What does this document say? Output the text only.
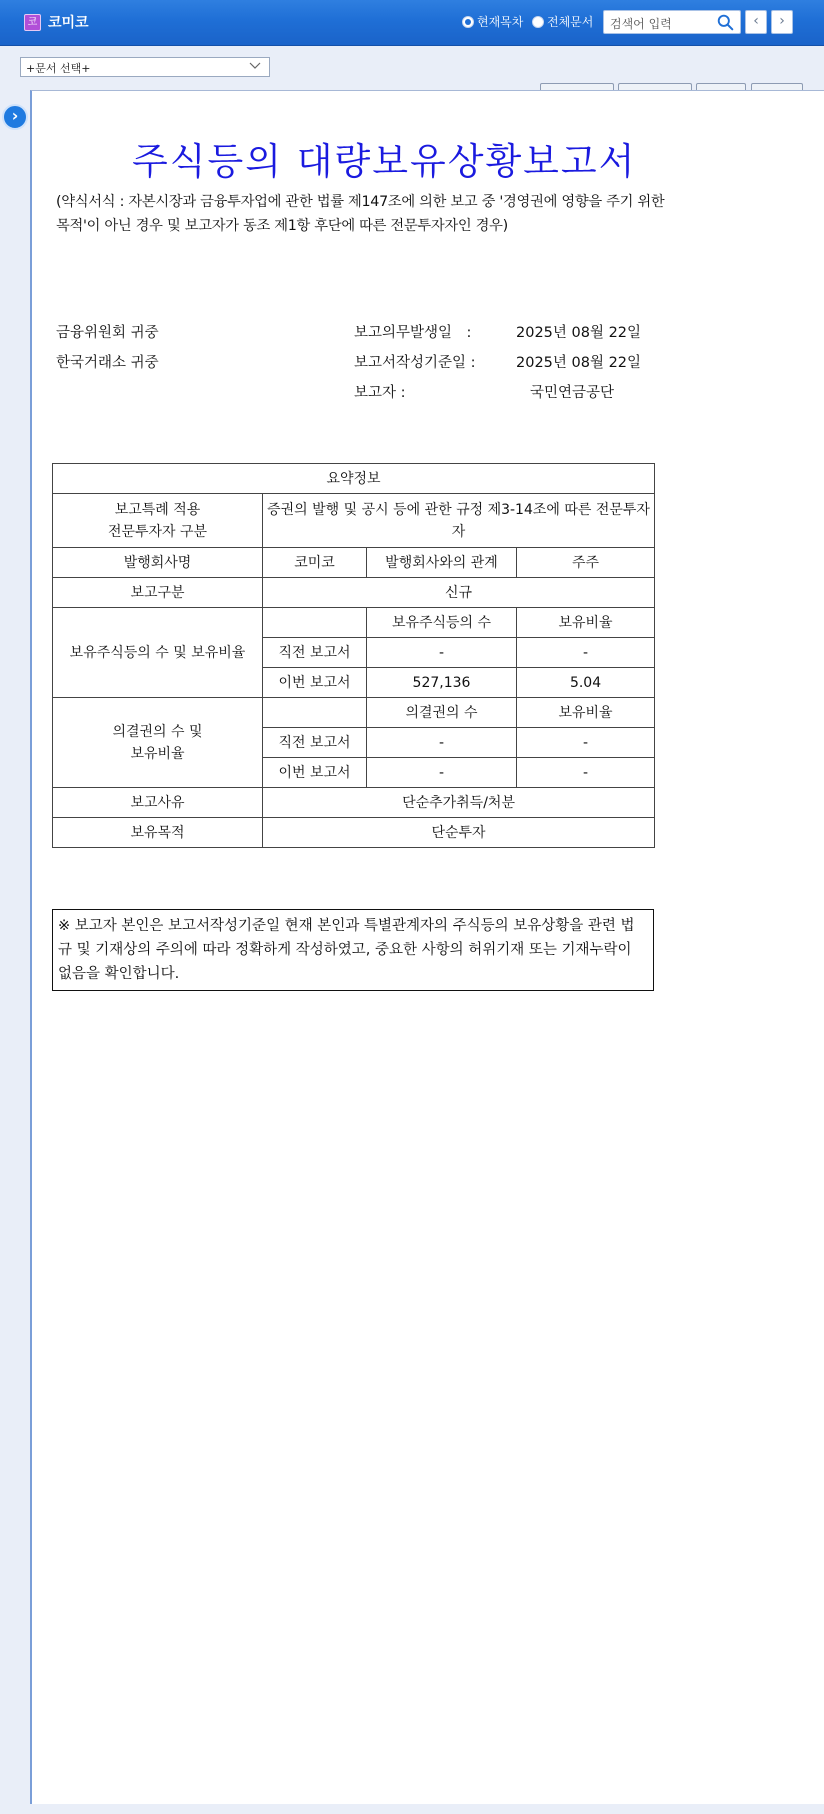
코 코미코	현재목차 전체문서	검색어 입력	‹	›
+문서 선택+
주식등의 대량보유상황보고서
(약식서식 : 자본시장과 금융투자업에 관한 법률 제147조에 의한 보고 중 '경영권에 영향을 주기 위한 목적'이 아닌 경우 및 보고자가 동조 제1항 후단에 따른 전문투자자인 경우)
금융위원회 귀중
한국거래소 귀중
보고의무발생일　:	2025년 08월 22일
보고서작성기준일 :	2025년 08월 22일
보고자 :	국민연금공단
요약정보			
보고특례 적용
전문투자자 구분	증권의 발행 및 공시 등에 관한 규정 제3-14조에 따른 전문투자자		
발행회사명	코미코	발행회사와의 관계	주주
보고구분	신규		
보유주식등의 수 및 보유비율		보유주식등의 수	보유비율
	직전 보고서	-	-
	이번 보고서	527,136	5.04
의결권의 수 및
보유비율		의결권의 수	보유비율
	직전 보고서	-	-
	이번 보고서	-	-
보고사유	단순추가취득/처분		
보유목적	단순투자		
※ 보고자 본인은 보고서작성기준일 현재 본인과 특별관계자의 주식등의 보유상황을 관련 법규 및 기재상의 주의에 따라 정확하게 작성하였고, 중요한 사항의 허위기재 또는 기재누락이 없음을 확인합니다.
›
